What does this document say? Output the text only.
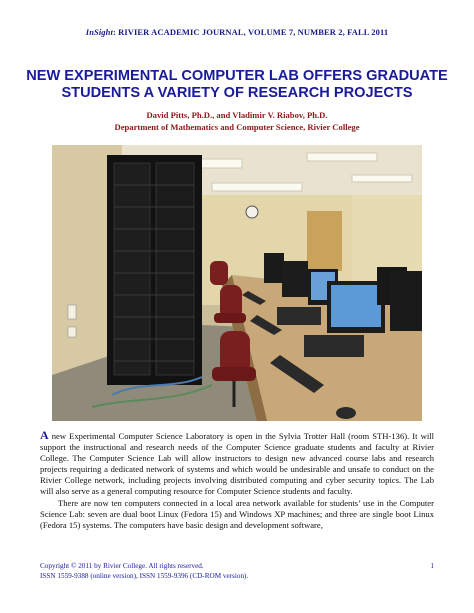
InSight: RIVIER ACADEMIC JOURNAL, VOLUME 7, NUMBER 2, FALL 2011
NEW EXPERIMENTAL COMPUTER LAB OFFERS GRADUATE
STUDENTS A VARIETY OF RESEARCH PROJECTS
David Pitts, Ph.D., and Vladimir V. Riabov, Ph.D.
Department of Mathematics and Computer Science, Rivier College

A new Experimental Computer Science Laboratory is open in the Sylvia Trotter Hall (room STH-136). It will support the instructional and research needs of the Computer Science graduate students and faculty at Rivier College. The Computer Science Lab will allow instructors to design new advanced course labs and research projects requiring a dedicated network of systems and which would be undesirable and unsafe to conduct on the Rivier College network, including projects involving distributed computing and cyber security topics. The Lab will also serve as a general computing resource for Computer Science students and faculty.

There are now ten computers connected in a local area network available for students’ use in the Computer Science Lab: seven are dual boot Linux (Fedora 15) and Windows XP machines; and three are single boot Linux (Fedora 15) systems. The computers have basic design and development software,

Copyright © 2011 by Rivier College. All rights reserved.
ISSN 1559-9388 (online version), ISSN 1559-9396 (CD-ROM version).
1
